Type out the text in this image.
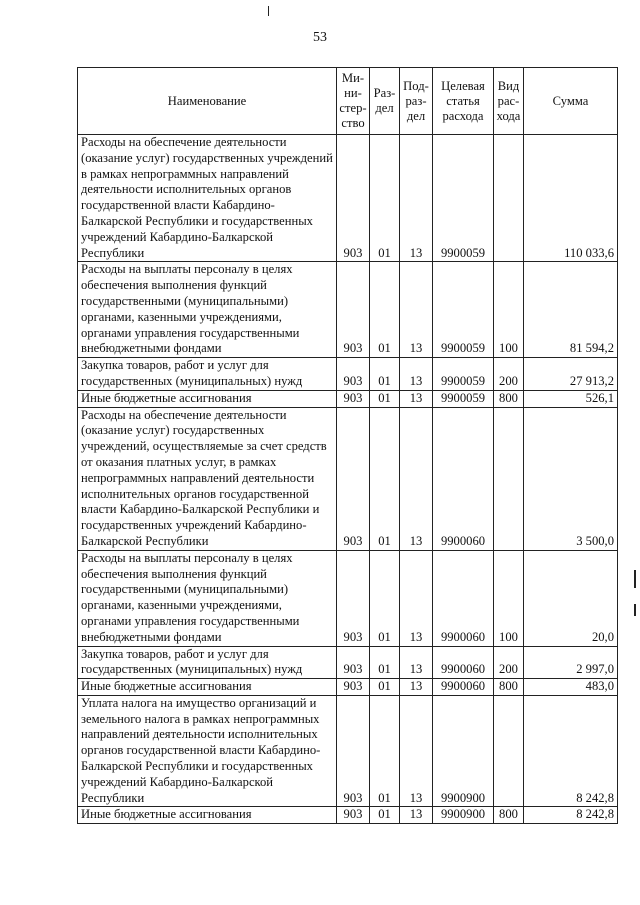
53
Наименование	Ми-
ни-
стер-
ство	Раз-
дел	Под-
раз-
дел	Целевая
статья
расхода	Вид
рас-
хода	Сумма
Расходы на обеспечение деятельности (оказание услуг) государственных учреждений в рамках непрограммных направлений деятельности исполнительных органов государственной власти Кабардино-Балкарской Республики и государственных учреждений Кабардино-Балкарской Республики	903	01	13	9900059		110 033,6
Расходы на выплаты персоналу в целях обеспечения выполнения функций государственными (муниципальными) органами, казенными учреждениями, органами управления государственными внебюджетными фондами	903	01	13	9900059	100	81 594,2
Закупка товаров, работ и услуг для государственных (муниципальных) нужд	903	01	13	9900059	200	27 913,2
Иные бюджетные ассигнования	903	01	13	9900059	800	526,1
Расходы на обеспечение деятельности (оказание услуг) государственных учреждений, осуществляемые за счет средств от оказания платных услуг, в рамках непрограммных направлений деятельности исполнительных органов государственной власти Кабардино-Балкарской Республики и государственных учреждений Кабардино-Балкарской Республики	903	01	13	9900060		3 500,0
Расходы на выплаты персоналу в целях обеспечения выполнения функций государственными (муниципальными) органами, казенными учреждениями, органами управления государственными внебюджетными фондами	903	01	13	9900060	100	20,0
Закупка товаров, работ и услуг для государственных (муниципальных) нужд	903	01	13	9900060	200	2 997,0
Иные бюджетные ассигнования	903	01	13	9900060	800	483,0
Уплата налога на имущество организаций и земельного налога в рамках непрограммных направлений деятельности исполнительных органов государственной власти Кабардино-Балкарской Республики и государственных учреждений Кабардино-Балкарской Республики	903	01	13	9900900		8 242,8
Иные бюджетные ассигнования	903	01	13	9900900	800	8 242,8
